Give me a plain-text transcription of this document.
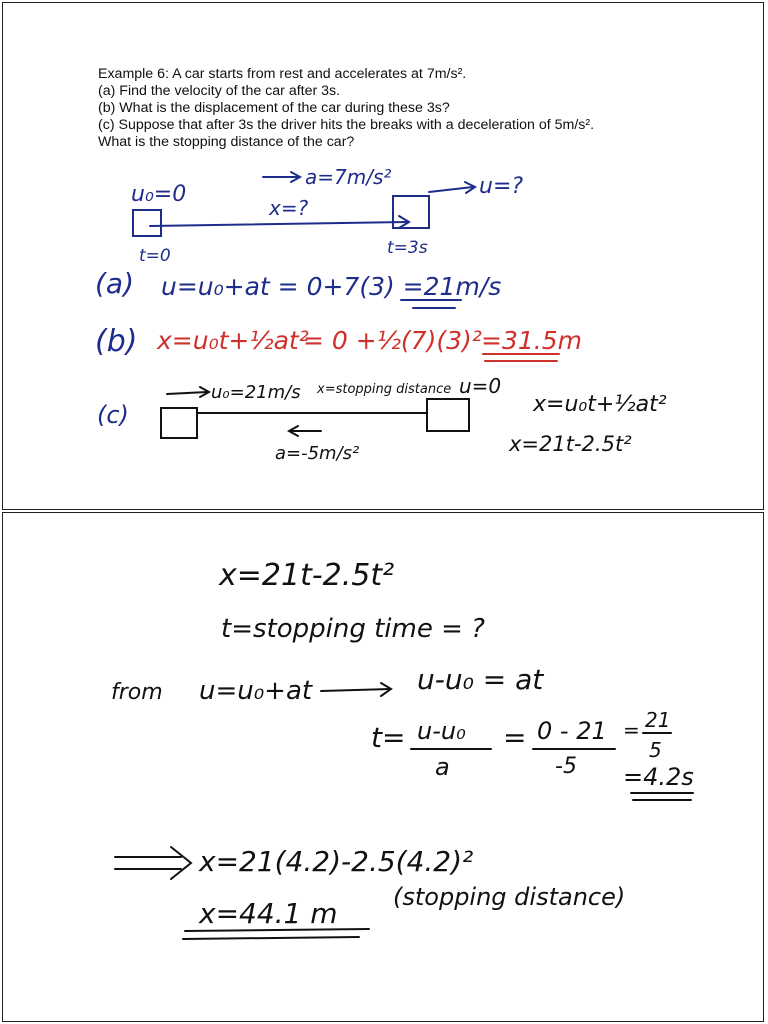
Example 6: A car starts from rest and accelerates at 7m/s².
(a) Find the velocity of the car after 3s.
(b) What is the displacement of the car during these 3s?
(c) Suppose that after 3s the driver hits the breaks with a deceleration of 5m/s².
What is the stopping distance of the car?
u₀=0
a=7m/s²
x=?
u=?
t=0	t=3s
(a) u=u₀+at = 0+7(3) =21m/s
(b) x=u₀t+½at²
= 0 +½(7)(3)² =31.5m
(c)
u₀=21m/s x=stopping distance u=0
a=-5m/s²
x=u₀t+½at²
x=21t-2.5t²
x=21t-2.5t²
t=stopping time = ?
from u=u₀+at	u-u₀ = at
t= u-u₀
a
= 0 - 21
-5
= 21
5
=4.2s
x=21(4.2)-2.5(4.2)²
x=44.1 m (stopping distance)
